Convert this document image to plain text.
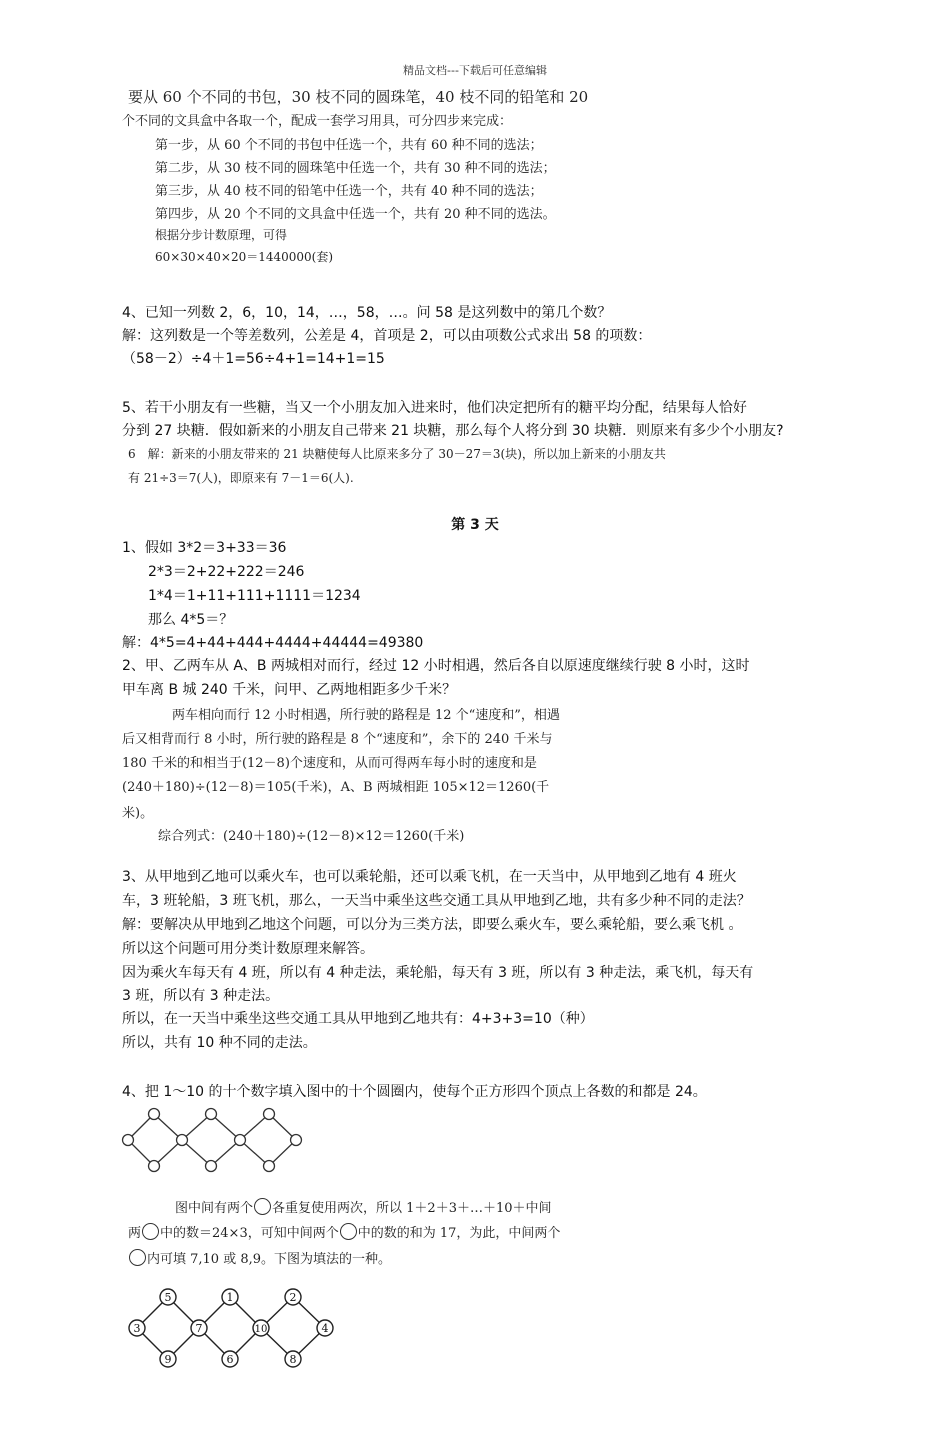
精品文档---下载后可任意编辑
要从 60 个不同的书包，30 枝不同的圆珠笔，40 枝不同的铅笔和 20
个不同的文具盒中各取一个，配成一套学习用具，可分四步来完成：
第一步，从 60 个不同的书包中任选一个，共有 60 种不同的选法；
第二步，从 30 枝不同的圆珠笔中任选一个，共有 30 种不同的选法；
第三步，从 40 枝不同的铅笔中任选一个，共有 40 种不同的选法；
第四步，从 20 个不同的文具盒中任选一个，共有 20 种不同的选法。
根据分步计数原理，可得
60×30×40×20＝1440000(套)
4、已知一列数 2，6，10，14，…，58，…。问 58 是这列数中的第几个数？
解：这列数是一个等差数列，公差是 4，首项是 2，可以由项数公式求出 58 的项数：
（58－2）÷4＋1=56÷4+1=14+1=15
5、若干小朋友有一些糖，当又一个小朋友加入进来时，他们决定把所有的糖平均分配，结果每人恰好
分到 27 块糖．假如新来的小朋友自己带来 21 块糖，那么每个人将分到 30 块糖．则原来有多少个小朋友?
6　解：新来的小朋友带来的 21 块糖使每人比原来多分了 30－27＝3(块)，所以加上新来的小朋友共
有 21÷3＝7(人)，即原来有 7－1＝6(人).
第 3 天
1、假如 3*2＝3+33＝36
2*3＝2+22+222＝246
1*4＝1+11+111+1111＝1234
那么 4*5＝？
解：4*5=4+44+444+4444+44444=49380
2、甲、乙两车从 A、B 两城相对而行，经过 12 小时相遇，然后各自以原速度继续行驶 8 小时，这时
甲车离 B 城 240 千米，问甲、乙两地相距多少千米？
两车相向而行 12 小时相遇，所行驶的路程是 12 个“速度和”，相遇
后又相背而行 8 小时，所行驶的路程是 8 个“速度和”，余下的 240 千米与
180 千米的和相当于(12－8)个速度和，从而可得两车每小时的速度和是
(240＋180)÷(12－8)＝105(千米)，A、B 两城相距 105×12＝1260(千
米)。
综合列式：(240＋180)÷(12－8)×12＝1260(千米)
3、从甲地到乙地可以乘火车，也可以乘轮船，还可以乘飞机，在一天当中，从甲地到乙地有 4 班火
车，3 班轮船，3 班飞机，那么，一天当中乘坐这些交通工具从甲地到乙地，共有多少种不同的走法？
解：要解决从甲地到乙地这个问题，可以分为三类方法，即要么乘火车，要么乘轮船，要么乘飞机 。
所以这个问题可用分类计数原理来解答。
因为乘火车每天有 4 班，所以有 4 种走法，乘轮船，每天有 3 班，所以有 3 种走法，乘飞机，每天有
3 班，所以有 3 种走法。
所以，在一天当中乘坐这些交通工具从甲地到乙地共有：4+3+3=10（种）
所以，共有 10 种不同的走法。
4、把 1～10 的十个数字填入图中的十个圆圈内，使每个正方形四个顶点上各数的和都是 24。
图中间有两个 各重复使用两次，所以 1＋2＋3＋…＋10＋中间
两 中的数＝24×3，可知中间两个 中的数的和为 17，为此，中间两个
内可填 7,10 或 8,9。下图为填法的一种。
5
3	7
9
1
6
10
2
8
4
